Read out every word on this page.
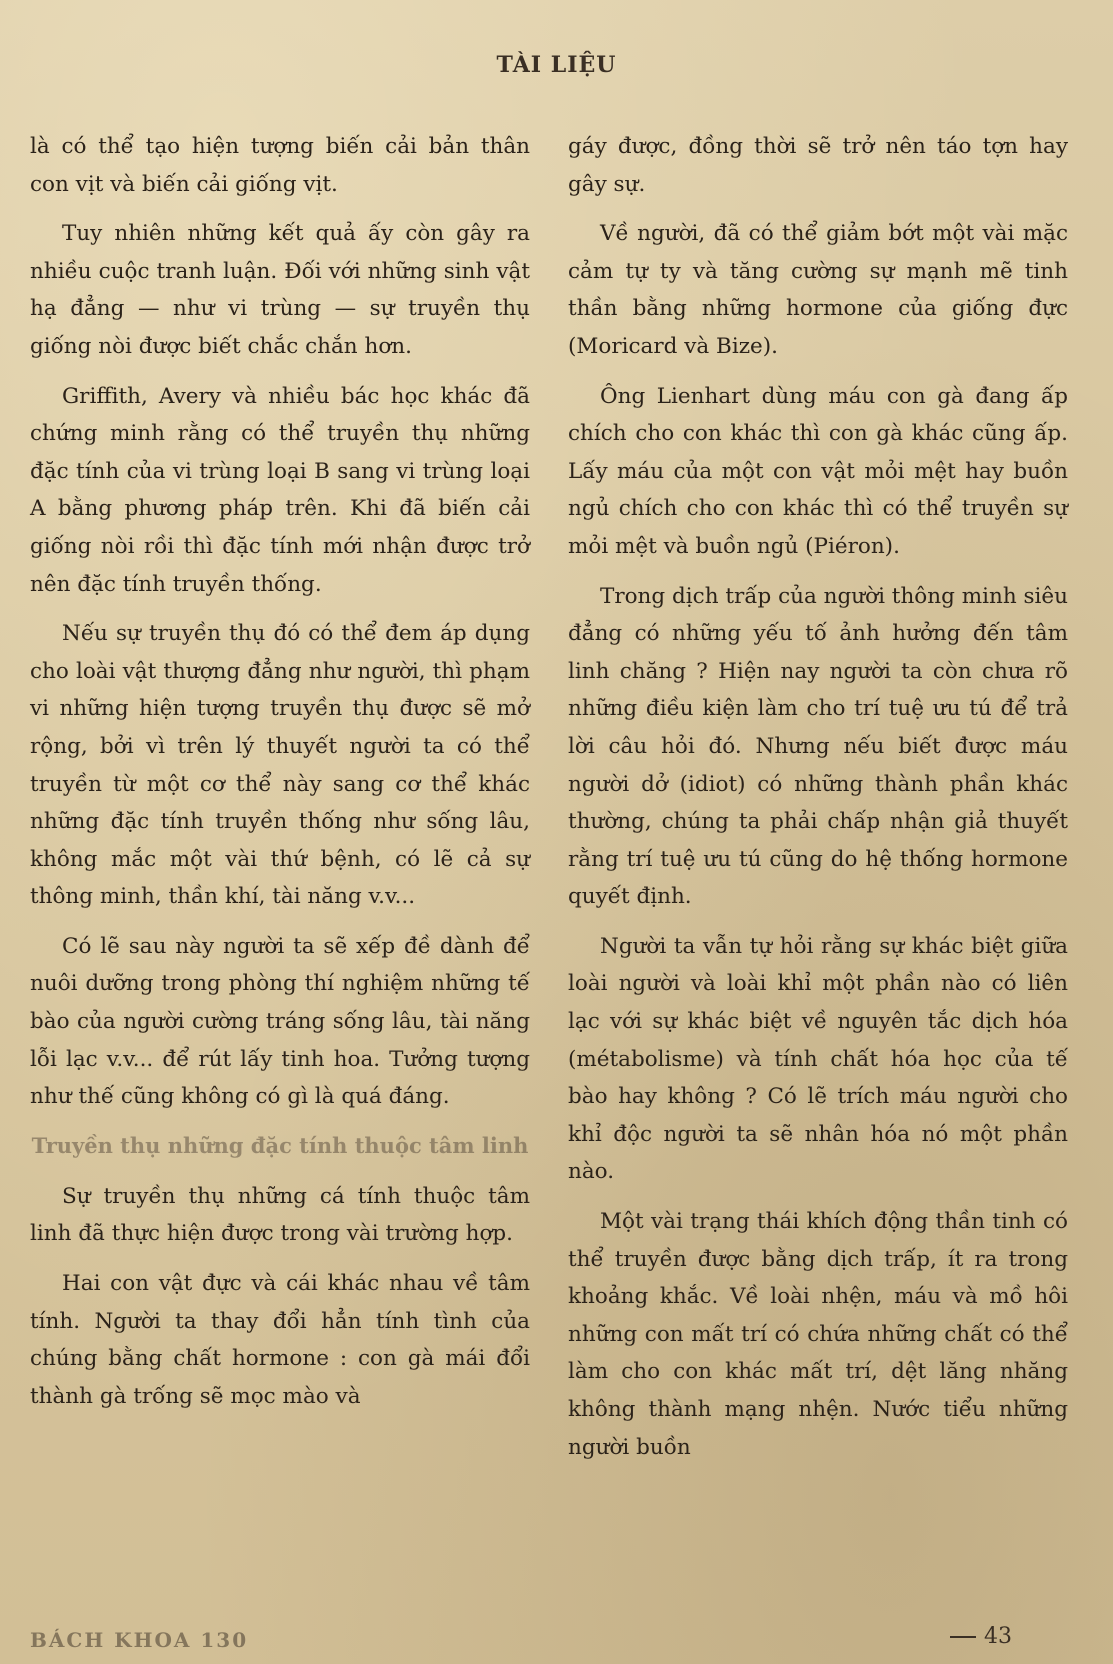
TÀI LIỆU

là có thể tạo hiện tượng biến cải bản thân con vịt và biến cải giống vịt.

Tuy nhiên những kết quả ấy còn gây ra nhiều cuộc tranh luận. Đối với những sinh vật hạ đẳng — như vi trùng — sự truyền thụ giống nòi được biết chắc chắn hơn.

Griffith, Avery và nhiều bác học khác đã chứng minh rằng có thể truyền thụ những đặc tính của vi trùng loại B sang vi trùng loại A bằng phương pháp trên. Khi đã biến cải giống nòi rồi thì đặc tính mới nhận được trở nên đặc tính truyền thống.

Nếu sự truyền thụ đó có thể đem áp dụng cho loài vật thượng đẳng như người, thì phạm vi những hiện tượng truyền thụ được sẽ mở rộng, bởi vì trên lý thuyết người ta có thể truyền từ một cơ thể này sang cơ thể khác những đặc tính truyền thống như sống lâu, không mắc một vài thứ bệnh, có lẽ cả sự thông minh, thần khí, tài năng v.v...

Có lẽ sau này người ta sẽ xếp đề dành để nuôi dưỡng trong phòng thí nghiệm những tế bào của người cường tráng sống lâu, tài năng lỗi lạc v.v... để rút lấy tinh hoa. Tưởng tượng như thế cũng không có gì là quá đáng.

Truyền thụ những đặc tính thuộc tâm linh

Sự truyền thụ những cá tính thuộc tâm linh đã thực hiện được trong vài trường hợp.

Hai con vật đực và cái khác nhau về tâm tính. Người ta thay đổi hẳn tính tình của chúng bằng chất hormone : con gà mái đổi thành gà trống sẽ mọc mào và

gáy được, đồng thời sẽ trở nên táo tợn hay gây sự.

Về người, đã có thể giảm bớt một vài mặc cảm tự ty và tăng cường sự mạnh mẽ tinh thần bằng những hormone của giống đực (Moricard và Bize).

Ông Lienhart dùng máu con gà đang ấp chích cho con khác thì con gà khác cũng ấp. Lấy máu của một con vật mỏi mệt hay buồn ngủ chích cho con khác thì có thể truyền sự mỏi mệt và buồn ngủ (Piéron).

Trong dịch trấp của người thông minh siêu đẳng có những yếu tố ảnh hưởng đến tâm linh chăng ? Hiện nay người ta còn chưa rõ những điều kiện làm cho trí tuệ ưu tú để trả lời câu hỏi đó. Nhưng nếu biết được máu người dở (idiot) có những thành phần khác thường, chúng ta phải chấp nhận giả thuyết rằng trí tuệ ưu tú cũng do hệ thống hormone quyết định.

Người ta vẫn tự hỏi rằng sự khác biệt giữa loài người và loài khỉ một phần nào có liên lạc với sự khác biệt về nguyên tắc dịch hóa (métabolisme) và tính chất hóa học của tế bào hay không ? Có lẽ trích máu người cho khỉ độc người ta sẽ nhân hóa nó một phần nào.

Một vài trạng thái khích động thần tinh có thể truyền được bằng dịch trấp, ít ra trong khoảng khắc. Về loài nhện, máu và mồ hôi những con mất trí có chứa những chất có thể làm cho con khác mất trí, dệt lăng nhăng không thành mạng nhện. Nước tiểu những người buồn

BÁCH KHOA 130	43
